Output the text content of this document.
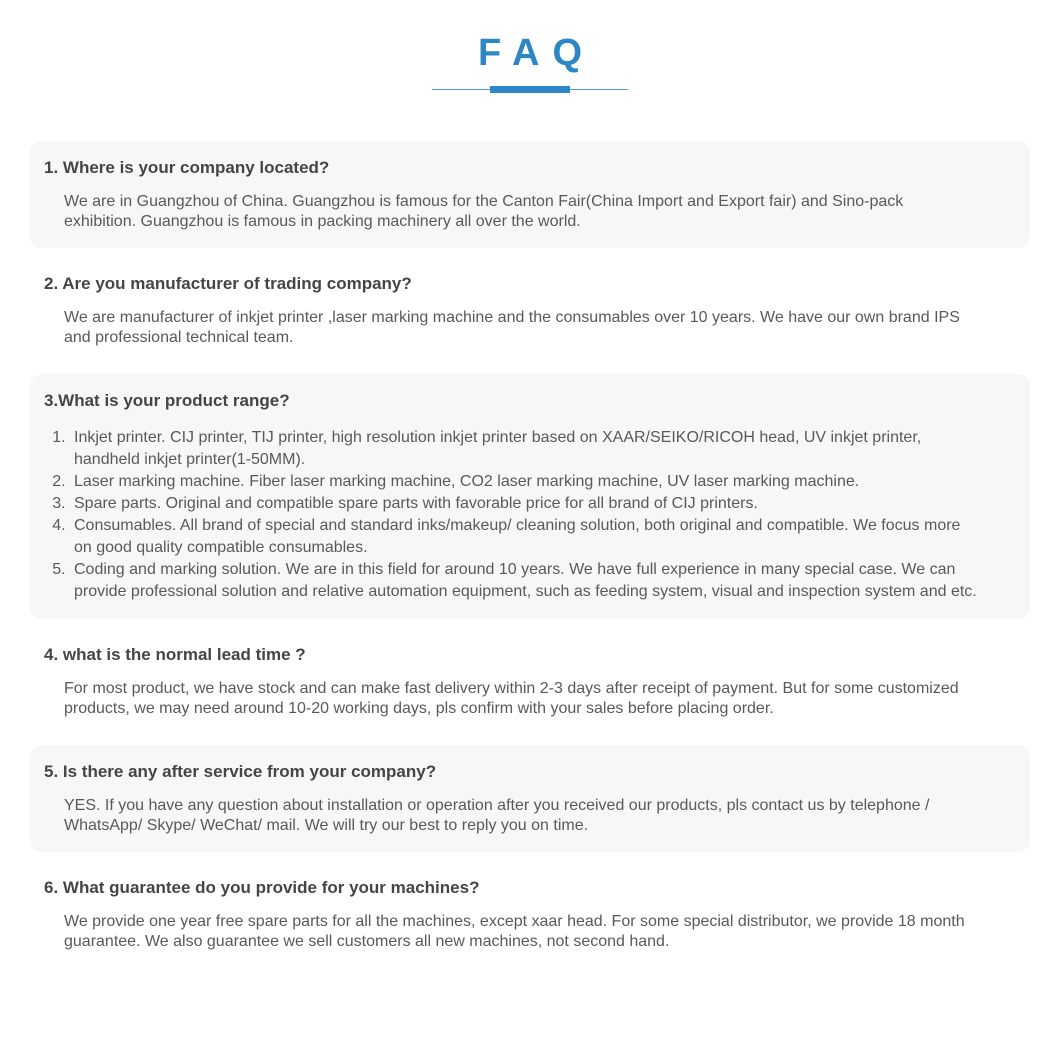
FAQ
1. Where is your company located?

We are in Guangzhou of China. Guangzhou is famous for the Canton Fair(China Import and Export fair) and Sino-pack exhibition. Guangzhou is famous in packing machinery all over the world.

2. Are you manufacturer of trading company?

We are manufacturer of inkjet printer ,laser marking machine and the consumables over 10 years. We have our own brand IPS and professional technical team.

3.What is your product range?
1. Inkjet printer. CIJ printer, TIJ printer, high resolution inkjet printer based on XAAR/SEIKO/RICOH head, UV inkjet printer, handheld inkjet printer(1-50MM).
2. Laser marking machine. Fiber laser marking machine, CO2 laser marking machine, UV laser marking machine.
3. Spare parts. Original and compatible spare parts with favorable price for all brand of CIJ printers.
4. Consumables. All brand of special and standard inks/makeup/ cleaning solution, both original and compatible. We focus more on good quality compatible consumables.
5. Coding and marking solution. We are in this field for around 10 years. We have full experience in many special case. We can provide professional solution and relative automation equipment, such as feeding system, visual and inspection system and etc.
4. what is the normal lead time ?

For most product, we have stock and can make fast delivery within 2-3 days after receipt of payment. But for some customized products, we may need around 10-20 working days, pls confirm with your sales before placing order.

5. Is there any after service from your company?

YES. If you have any question about installation or operation after you received our products, pls contact us by telephone / WhatsApp/ Skype/ WeChat/ mail. We will try our best to reply you on time.

6. What guarantee do you provide for your machines?

We provide one year free spare parts for all the machines, except xaar head. For some special distributor, we provide 18 month guarantee. We also guarantee we sell customers all new machines, not second hand.
